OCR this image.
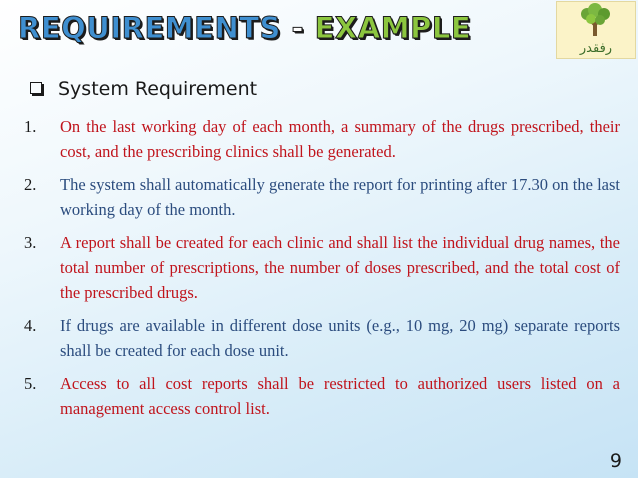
REQUIREMENTS - EXAMPLE
رفقدر
System Requirement
1. On the last working day of each month, a summary of the drugs prescribed, their cost, and the prescribing clinics shall be generated.
2. The system shall automatically generate the report for printing after 17.30 on the last working day of the month.
3. A report shall be created for each clinic and shall list the individual drug names, the total number of prescriptions, the number of doses prescribed, and the total cost of the prescribed drugs.
4. If drugs are available in different dose units (e.g., 10 mg, 20 mg) separate reports shall be created for each dose unit.
5. Access to all cost reports shall be restricted to authorized users listed on a management access control list.
9
